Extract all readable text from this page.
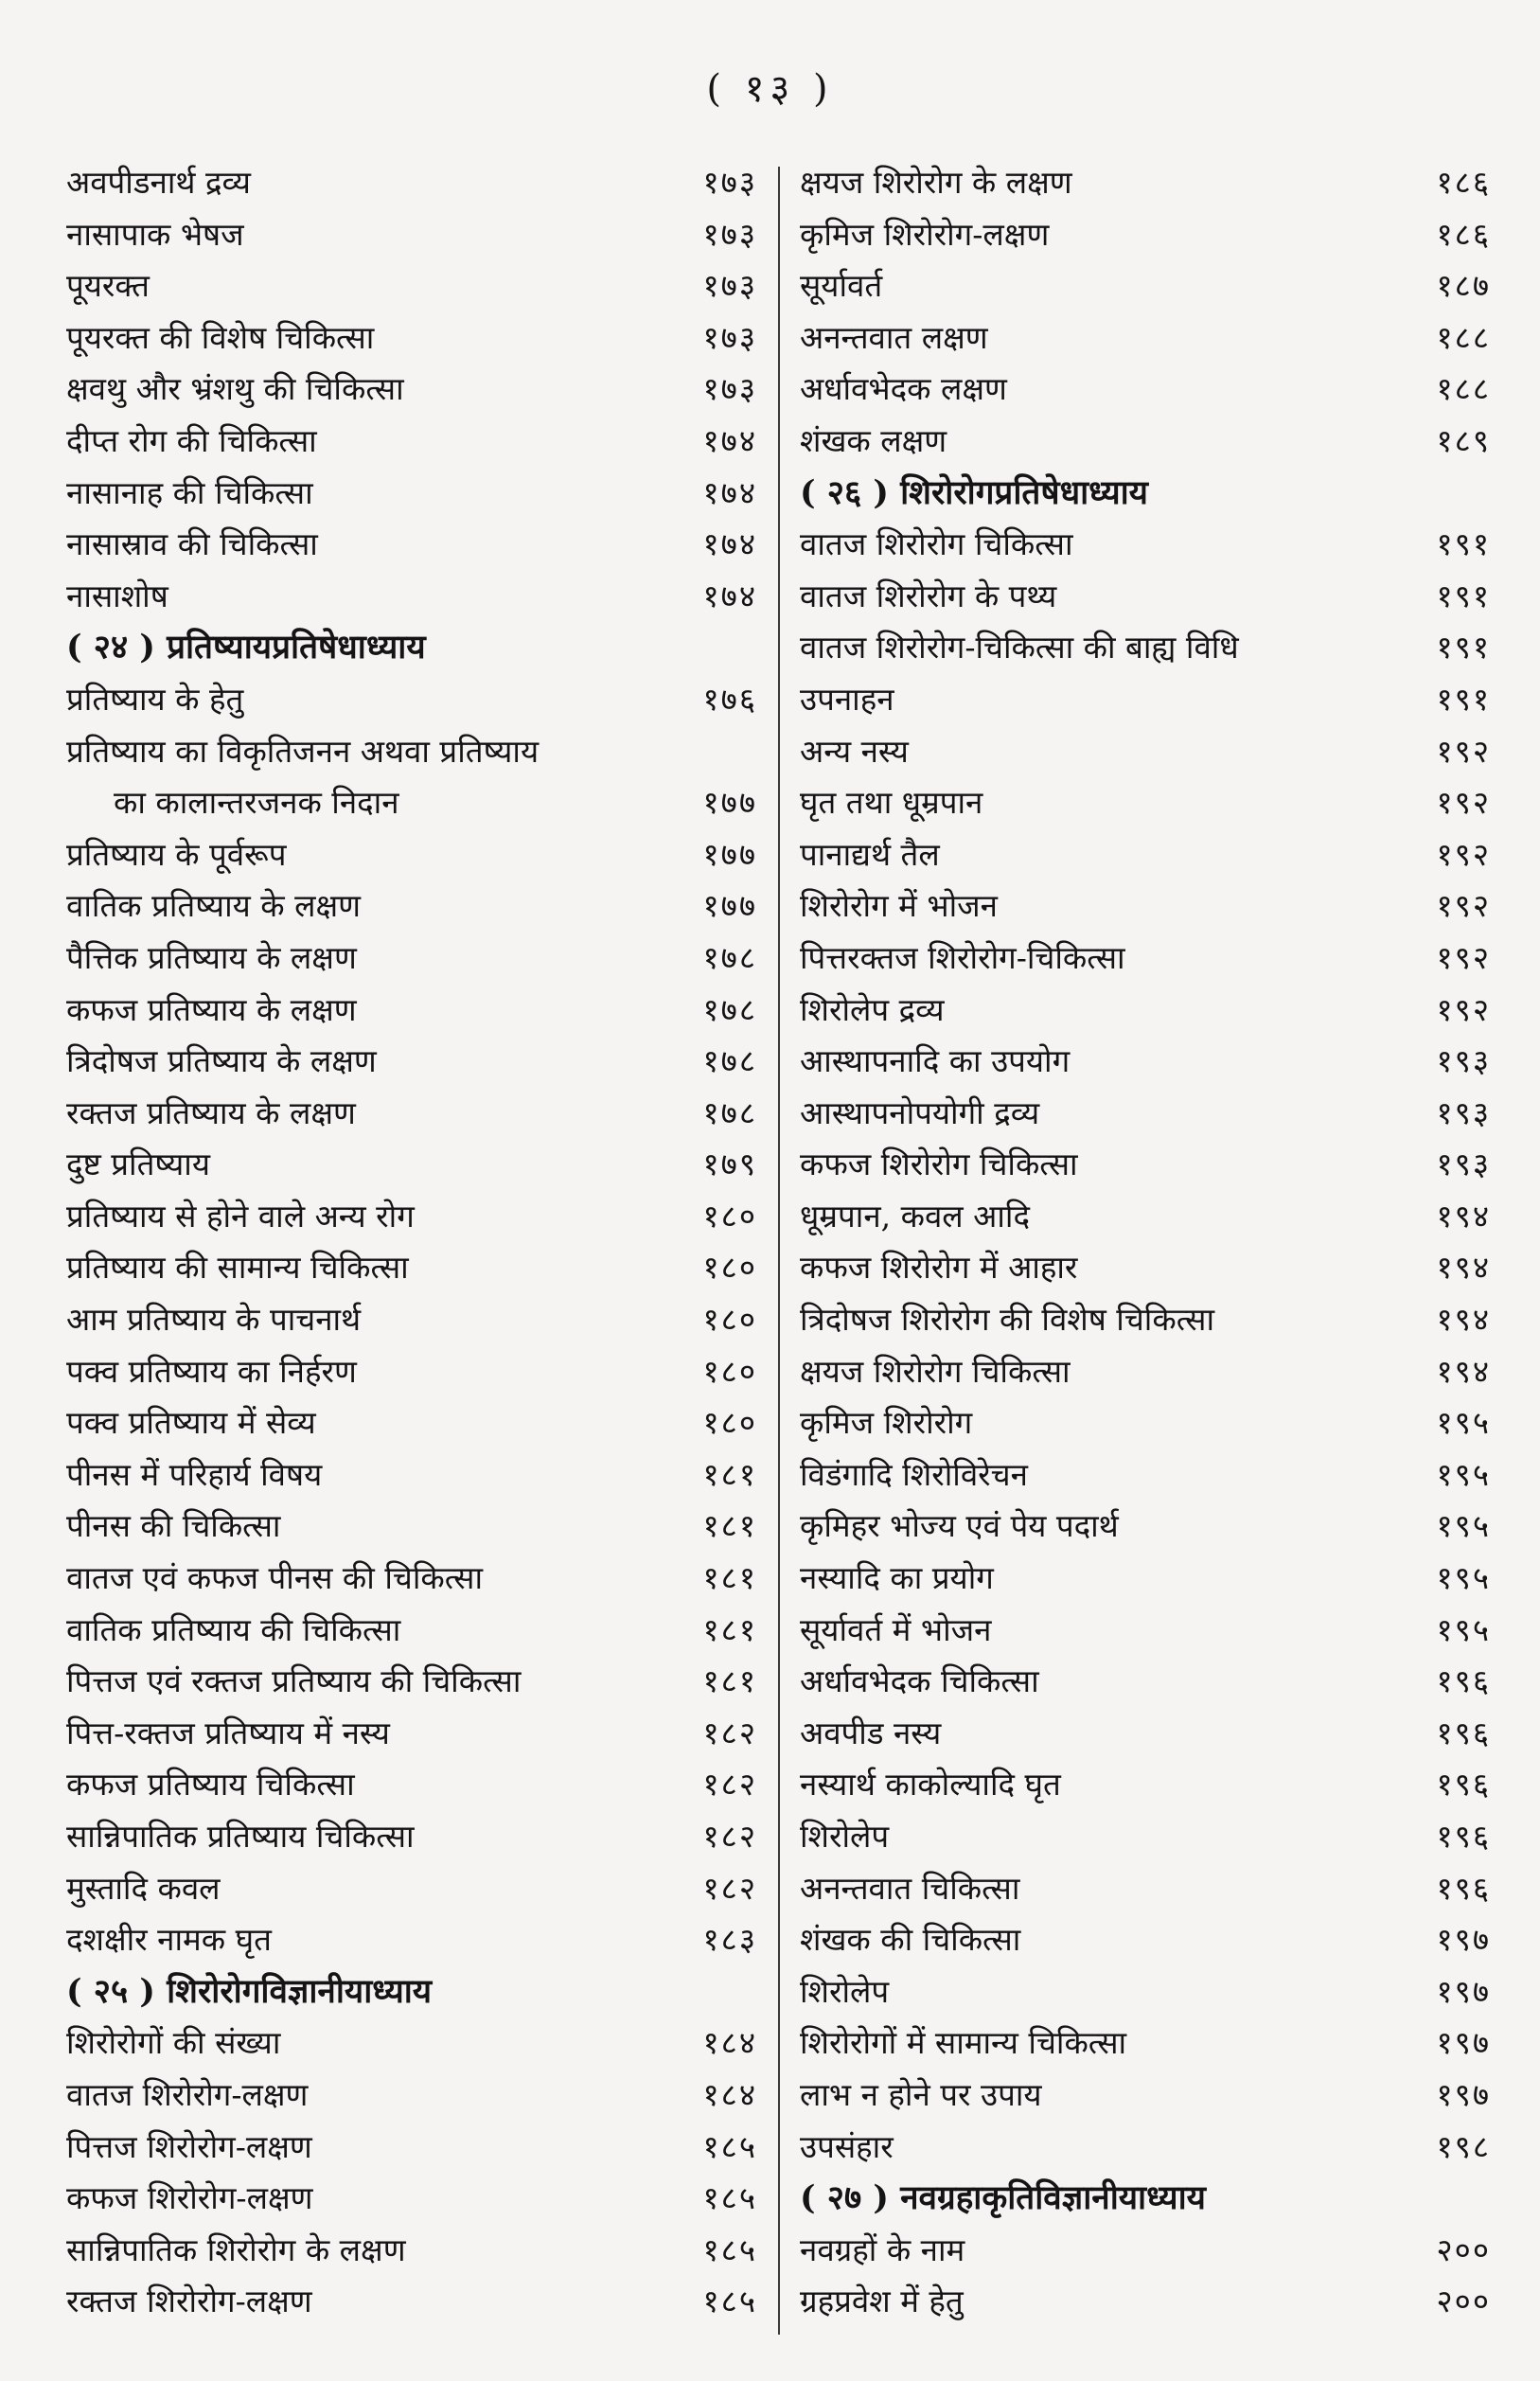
( १३ )
अवपीडनार्थ द्रव्य	१७३
नासापाक भेषज	१७३
पूयरक्त	१७३
पूयरक्त की विशेष चिकित्सा	१७३
क्षवथु और भ्रंशथु की चिकित्सा	१७३
दीप्त रोग की चिकित्सा	१७४
नासानाह की चिकित्सा	१७४
नासास्राव की चिकित्सा	१७४
नासाशोष	१७४
( २४ ) प्रतिष्यायप्रतिषेधाध्याय
प्रतिष्याय के हेतु	१७६
प्रतिष्याय का विकृतिजनन अथवा प्रतिष्याय
का कालान्तरजनक निदान	१७७
प्रतिष्याय के पूर्वरूप	१७७
वातिक प्रतिष्याय के लक्षण	१७७
पैत्तिक प्रतिष्याय के लक्षण	१७८
कफज प्रतिष्याय के लक्षण	१७८
त्रिदोषज प्रतिष्याय के लक्षण	१७८
रक्तज प्रतिष्याय के लक्षण	१७८
दुष्ट प्रतिष्याय	१७९
प्रतिष्याय से होने वाले अन्य रोग	१८०
प्रतिष्याय की सामान्य चिकित्सा	१८०
आम प्रतिष्याय के पाचनार्थ	१८०
पक्व प्रतिष्याय का निर्हरण	१८०
पक्व प्रतिष्याय में सेव्य	१८०
पीनस में परिहार्य विषय	१८१
पीनस की चिकित्सा	१८१
वातज एवं कफज पीनस की चिकित्सा	१८१
वातिक प्रतिष्याय की चिकित्सा	१८१
पित्तज एवं रक्तज प्रतिष्याय की चिकित्सा	१८१
पित्त-रक्तज प्रतिष्याय में नस्य	१८२
कफज प्रतिष्याय चिकित्सा	१८२
सान्निपातिक प्रतिष्याय चिकित्सा	१८२
मुस्तादि कवल	१८२
दशक्षीर नामक घृत	१८३
( २५ ) शिरोरोगविज्ञानीयाध्याय
शिरोरोगों की संख्या	१८४
वातज शिरोरोग-लक्षण	१८४
पित्तज शिरोरोग-लक्षण	१८५
कफज शिरोरोग-लक्षण	१८५
सान्निपातिक शिरोरोग के लक्षण	१८५
रक्तज शिरोरोग-लक्षण	१८५
क्षयज शिरोरोग के लक्षण	१८६
कृमिज शिरोरोग-लक्षण	१८६
सूर्यावर्त	१८७
अनन्तवात लक्षण	१८८
अर्धावभेदक लक्षण	१८८
शंखक लक्षण	१८९
( २६ ) शिरोरोगप्रतिषेधाध्याय
वातज शिरोरोग चिकित्सा	१९१
वातज शिरोरोग के पथ्य	१९१
वातज शिरोरोग-चिकित्सा की बाह्य विधि	१९१
उपनाहन	१९१
अन्य नस्य	१९२
घृत तथा धूम्रपान	१९२
पानाद्यर्थ तैल	१९२
शिरोरोग में भोजन	१९२
पित्तरक्तज शिरोरोग-चिकित्सा	१९२
शिरोलेप द्रव्य	१९२
आस्थापनादि का उपयोग	१९३
आस्थापनोपयोगी द्रव्य	१९३
कफज शिरोरोग चिकित्सा	१९३
धूम्रपान, कवल आदि	१९४
कफज शिरोरोग में आहार	१९४
त्रिदोषज शिरोरोग की विशेष चिकित्सा	१९४
क्षयज शिरोरोग चिकित्सा	१९४
कृमिज शिरोरोग	१९५
विडंगादि शिरोविरेचन	१९५
कृमिहर भोज्य एवं पेय पदार्थ	१९५
नस्यादि का प्रयोग	१९५
सूर्यावर्त में भोजन	१९५
अर्धावभेदक चिकित्सा	१९६
अवपीड नस्य	१९६
नस्यार्थ काकोल्यादि घृत	१९६
शिरोलेप	१९६
अनन्तवात चिकित्सा	१९६
शंखक की चिकित्सा	१९७
शिरोलेप	१९७
शिरोरोगों में सामान्य चिकित्सा	१९७
लाभ न होने पर उपाय	१९७
उपसंहार	१९८
( २७ ) नवग्रहाकृतिविज्ञानीयाध्याय
नवग्रहों के नाम	२००
ग्रहप्रवेश में हेतु	२००
